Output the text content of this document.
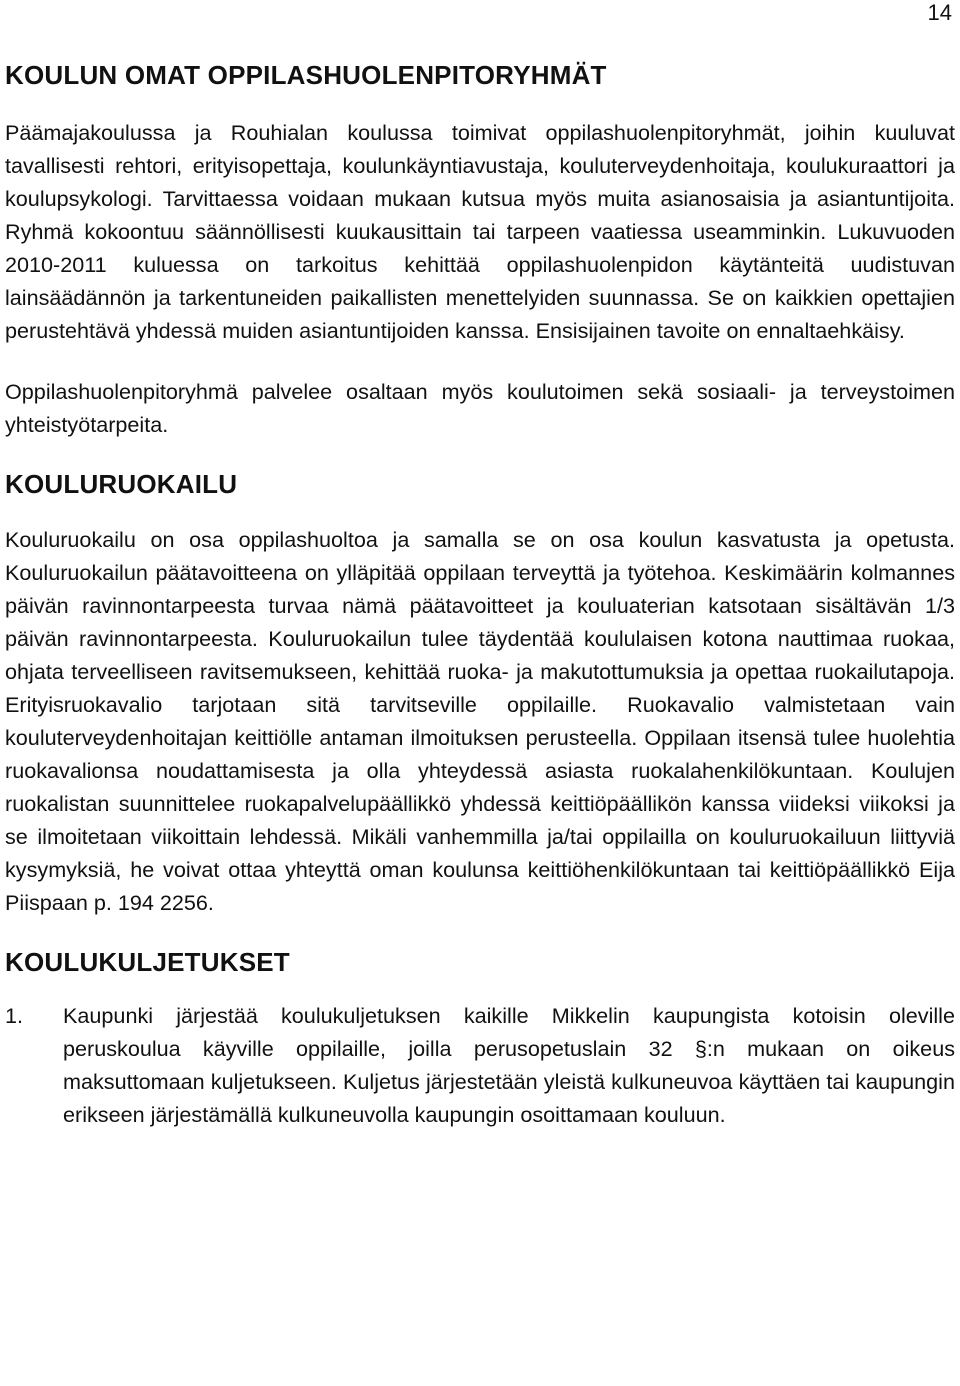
14
KOULUN OMAT OPPILASHUOLENPITORYHMÄT

Päämajakoulussa ja Rouhialan koulussa toimivat oppilashuolenpitoryhmät, joihin kuuluvat tavallisesti rehtori, erityisopettaja, koulunkäyntiavustaja, kouluterveydenhoitaja, koulukuraattori ja koulupsykologi. Tarvittaessa voidaan mukaan kutsua myös muita asianosaisia ja asiantuntijoita. Ryhmä kokoontuu säännöllisesti kuukausittain tai tarpeen vaatiessa useamminkin. Lukuvuoden 2010-2011 kuluessa on tarkoitus kehittää oppilashuolenpidon käytänteitä uudistuvan lainsäädännön ja tarkentuneiden paikallisten menettelyiden suunnassa. Se on kaikkien opettajien perustehtävä yhdessä muiden asiantuntijoiden kanssa. Ensisijainen tavoite on ennaltaehkäisy.

Oppilashuolenpitoryhmä palvelee osaltaan myös koulutoimen sekä sosiaali- ja terveystoimen yhteistyötarpeita.

KOULURUOKAILU

Kouluruokailu on osa oppilashuoltoa ja samalla se on osa koulun kasvatusta ja opetusta. Kouluruokailun päätavoitteena on ylläpitää oppilaan terveyttä ja työtehoa. Keskimäärin kolmannes päivän ravinnontarpeesta turvaa nämä päätavoitteet ja kouluaterian katsotaan sisältävän 1/3 päivän ravinnontarpeesta. Kouluruokailun tulee täydentää koululaisen kotona nauttimaa ruokaa, ohjata terveelliseen ravitsemukseen, kehittää ruoka- ja makutottumuksia ja opettaa ruokailutapoja. Erityisruokavalio tarjotaan sitä tarvitseville oppilaille. Ruokavalio valmistetaan vain kouluterveydenhoitajan keittiölle antaman ilmoituksen perusteella. Oppilaan itsensä tulee huolehtia ruokavalionsa noudattamisesta ja olla yhteydessä asiasta ruokalahenkilökuntaan. Koulujen ruokalistan suunnittelee ruokapalvelupäällikkö yhdessä keittiöpäällikön kanssa viideksi viikoksi ja se ilmoitetaan viikoittain lehdessä. Mikäli vanhemmilla ja/tai oppilailla on kouluruokailuun liittyviä kysymyksiä, he voivat ottaa yhteyttä oman koulunsa keittiöhenkilökuntaan tai keittiöpäällikkö Eija Piispaan p. 194 2256.

KOULUKULJETUKSET
1.	Kaupunki järjestää koulukuljetuksen kaikille Mikkelin kaupungista kotoisin oleville peruskoulua käyville oppilaille, joilla perusopetuslain 32 §:n mukaan on oikeus maksuttomaan kuljetukseen. Kuljetus järjestetään yleistä kulkuneuvoa käyttäen tai kaupungin erikseen järjestämällä kulkuneuvolla kaupungin osoittamaan kouluun.
